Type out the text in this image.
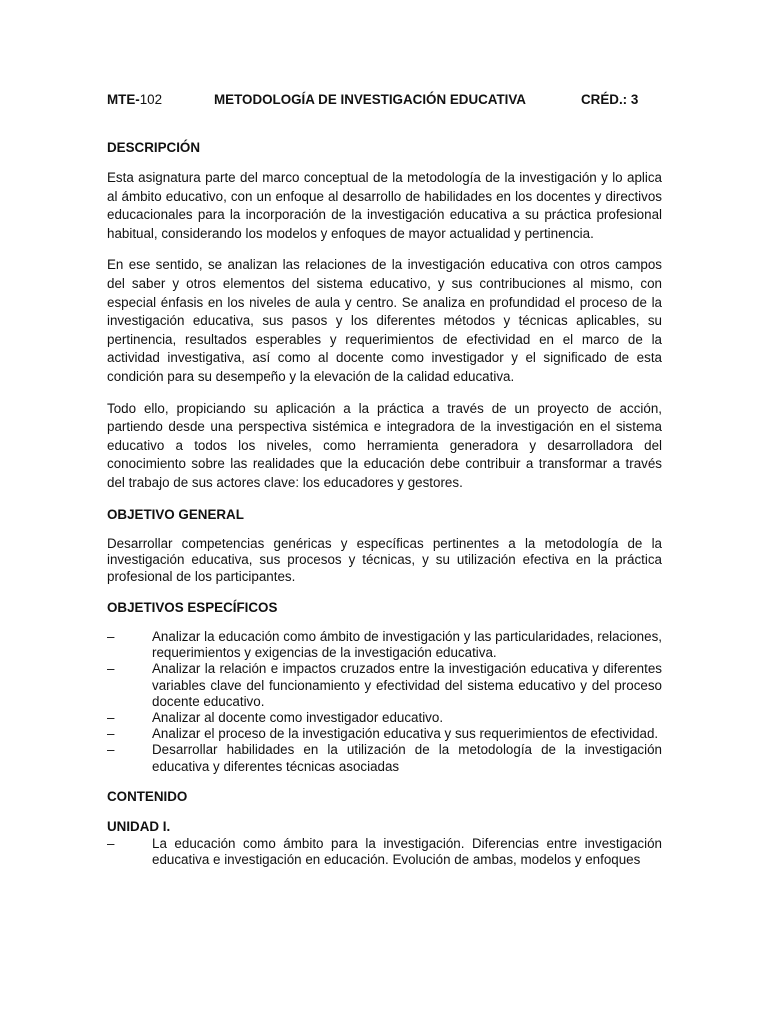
MTE-102	METODOLOGÍA DE INVESTIGACIÓN EDUCATIVA	CRÉD.: 3
DESCRIPCIÓN

Esta asignatura parte del marco conceptual de la metodología de la investigación y lo aplica al ámbito educativo, con un enfoque al desarrollo de habilidades en los docentes y directivos educacionales para la incorporación de la investigación educativa a su práctica profesional habitual, considerando los modelos y enfoques de mayor actualidad y pertinencia.

En ese sentido, se analizan las relaciones de la investigación educativa con otros campos del saber y otros elementos del sistema educativo, y sus contribuciones al mismo, con especial énfasis en los niveles de aula y centro. Se analiza en profundidad el proceso de la investigación educativa, sus pasos y los diferentes métodos y técnicas aplicables, su pertinencia, resultados esperables y requerimientos de efectividad en el marco de la actividad investigativa, así como al docente como investigador y el significado de esta condición para su desempeño y la elevación de la calidad educativa.

Todo ello, propiciando su aplicación a la práctica a través de un proyecto de acción, partiendo desde una perspectiva sistémica e integradora de la investigación en el sistema educativo a todos los niveles, como herramienta generadora y desarrolladora del conocimiento sobre las realidades que la educación debe contribuir a transformar a través del trabajo de sus actores clave: los educadores y gestores.

OBJETIVO GENERAL

Desarrollar competencias genéricas y específicas pertinentes a la metodología de la investigación educativa, sus procesos y técnicas, y su utilización efectiva en la práctica profesional de los participantes.

OBJETIVOS ESPECÍFICOS
–	Analizar la educación como ámbito de investigación y las particularidades, relaciones, requerimientos y exigencias de la investigación educativa.
–	Analizar la relación e impactos cruzados entre la investigación educativa y diferentes variables clave del funcionamiento y efectividad del sistema educativo y del proceso docente educativo.
–	Analizar al docente como investigador educativo.
–	Analizar el proceso de la investigación educativa y sus requerimientos de efectividad.
–	Desarrollar habilidades en la utilización de la metodología de la investigación educativa y diferentes técnicas asociadas
CONTENIDO
UNIDAD I.
–	La educación como ámbito para la investigación. Diferencias entre investigación educativa e investigación en educación. Evolución de ambas, modelos y enfoques
